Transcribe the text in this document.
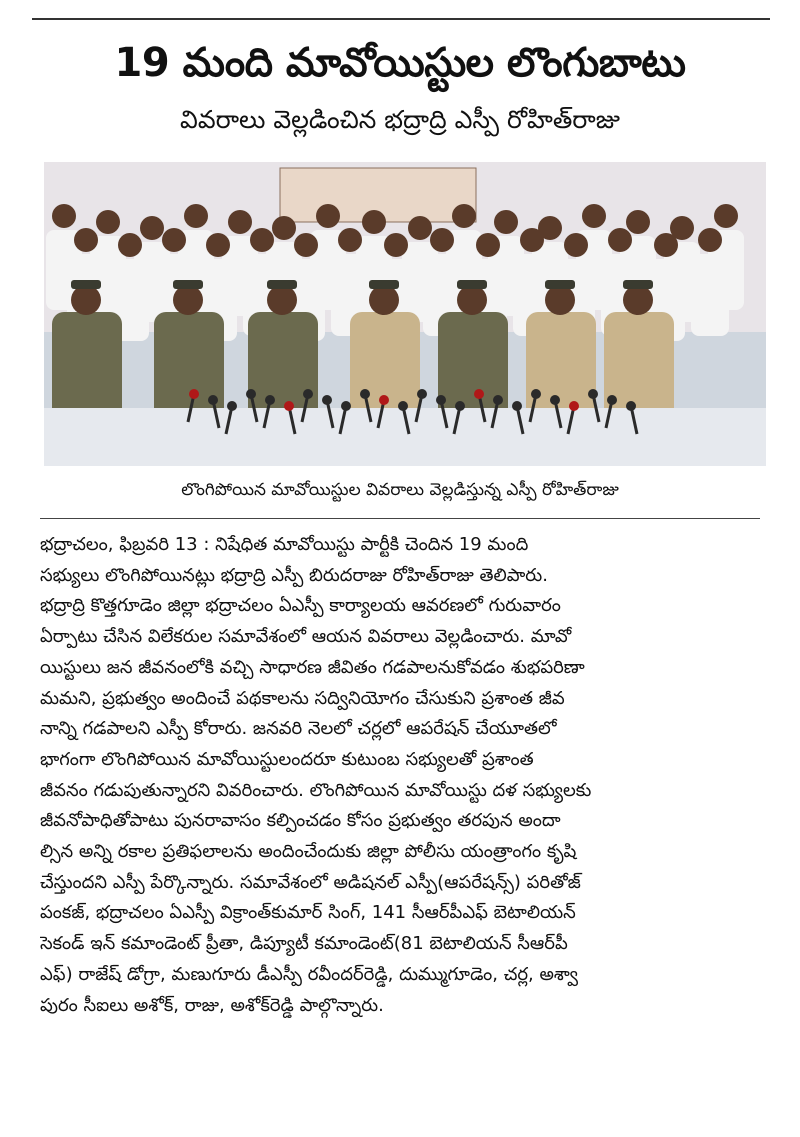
19 మంది మావోయిస్టుల లొంగుబాటు
వివరాలు వెల్లడించిన భద్రాద్రి ఎస్పీ రోహిత్‌రాజు
లొంగిపోయిన మావోయిస్టుల వివరాలు వెల్లడిస్తున్న ఎస్పీ రోహిత్‌రాజు
భద్రాచలం, ఫిబ్రవరి 13 : నిషేధిత మావోయిస్టు పార్టీకి చెందిన 19 మంది
సభ్యులు లొంగిపోయినట్లు భద్రాద్రి ఎస్పీ బిరుదరాజు రోహిత్‌రాజు తెలిపారు.
భద్రాద్రి కొత్తగూడెం జిల్లా భద్రాచలం ఏఎస్పీ కార్యాలయ ఆవరణలో గురువారం
ఏర్పాటు చేసిన విలేకరుల సమావేశంలో ఆయన వివరాలు వెల్లడించారు. మావో
యిస్టులు జన జీవనంలోకి వచ్చి సాధారణ జీవితం గడపాలనుకోవడం శుభపరిణా
మమని, ప్రభుత్వం అందించే పథకాలను సద్వినియోగం చేసుకుని ప్రశాంత జీవ
నాన్ని గడపాలని ఎస్పీ కోరారు. జనవరి నెలలో చర్లలో ఆపరేషన్ చేయూతలో
భాగంగా లొంగిపోయిన మావోయిస్టులందరూ కుటుంబ సభ్యులతో ప్రశాంత
జీవనం గడుపుతున్నారని వివరించారు. లొంగిపోయిన మావోయిస్టు దళ సభ్యులకు
జీవనోపాధితోపాటు పునరావాసం కల్పించడం కోసం ప్రభుత్వం తరపున అందా
ల్సిన అన్ని రకాల ప్రతిఫలాలను అందించేందుకు జిల్లా పోలీసు యంత్రాంగం కృషి
చేస్తుందని ఎస్పీ పేర్కొన్నారు. సమావేశంలో అడిషనల్ ఎస్పీ(ఆపరేషన్స్) పరితోజ్
పంకజ్, భద్రాచలం ఏఎస్పీ విక్రాంత్‌కుమార్ సింగ్, 141 సీఆర్‌పీఎఫ్ బెటాలియన్
సెకండ్ ఇన్ కమాండెంట్ ప్రీతా, డిప్యూటీ కమాండెంట్(81 బెటాలియన్ సీఆర్‌పీ
ఎఫ్) రాజేష్ డోగ్రా, మణుగూరు డీఎస్పీ రవీందర్‌రెడ్డి, దుమ్ముగూడెం, చర్ల, అశ్వా
పురం సీఐలు అశోక్, రాజు, అశోక్‌రెడ్డి పాల్గొన్నారు.
